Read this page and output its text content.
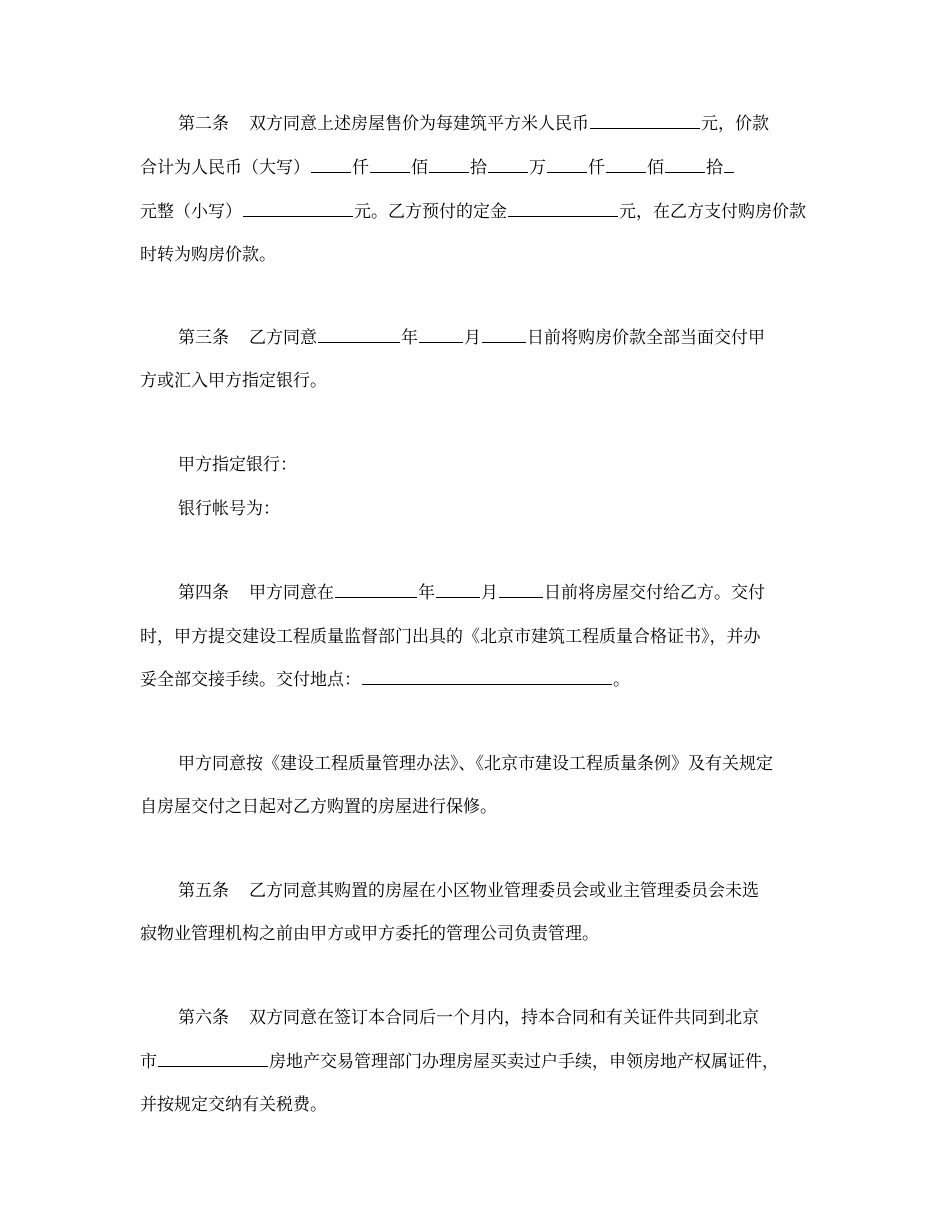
第二条 双方同意上述房屋售价为每建筑平方米人民币	元，价款
合计为人民币（大写） 仟 佰 拾 万 仟 佰 拾
元整（小写）	元。乙方预付的定金	元，在乙方支付购房价款
时转为购房价款。
第三条 乙方同意	年	月	日前将购房价款全部当面交付甲
方或汇入甲方指定银行。
甲方指定银行：
银行帐号为：
第四条 甲方同意在	年	月	日前将房屋交付给乙方。交付
时，甲方提交建设工程质量监督部门出具的《北京市建筑工程质量合格证书》，并办
妥全部交接手续。交付地点：	。
甲方同意按《建设工程质量管理办法》、《北京市建设工程质量条例》及有关规定
自房屋交付之日起对乙方购置的房屋进行保修。
第五条 乙方同意其购置的房屋在小区物业管理委员会或业主管理委员会未选
寂物业管理机构之前由甲方或甲方委托的管理公司负责管理。
第六条 双方同意在签订本合同后一个月内，持本合同和有关证件共同到北京
市	房地产交易管理部门办理房屋买卖过户手续，申领房地产权属证件，
并按规定交纳有关税费。
